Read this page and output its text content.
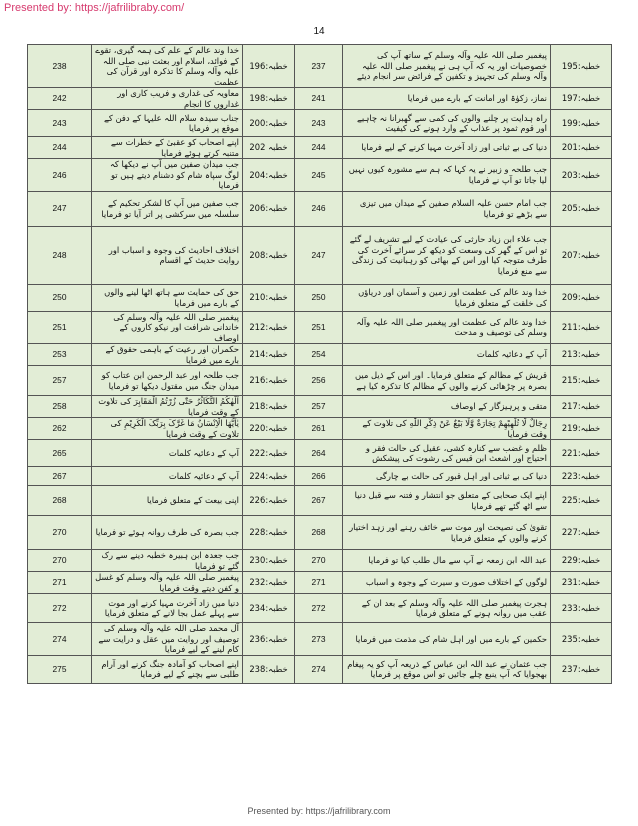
Presented by: https://jafrilibraby.com/
14
238	خدا وند عالم کے علم کی ہمہ گیری، تقوے کے فوائد، اسلام اور بعثت نبی صلی اللہ علیہ وآلہ وسلم کا تذکرہ اور قرآن کی عظمت	خطبہ:196	237	پیغمبر صلی اللہ علیہ وآلہ وسلم کے ساتھ آپ کی خصوصیات اور یہ کہ آپ ہی نے پیغمبر صلی اللہ علیہ وآلہ وسلم کی تجہیز و تکفین کے فرائض سر انجام دیئے	خطبہ:195
242	معاویہ کی غداری و فریب کاری اور غداروں کا انجام	خطبہ:198	241	نماز، زکوٰۃ اور امانت کے بارے میں فرمایا	خطبہ:197
243	جناب سیدہ سلام اللہ علیہا کے دفن کے موقع پر فرمایا	خطبہ:200	243	راہ ہدایت پر چلنے والوں کی کمی سے گھبرانا نہ چاہیے اور قوم ثمود پر عذاب کے وارد ہونے کی کیفیت	خطبہ:199
244	اپنے اصحاب کو عقبیٰ کے خطرات سے متنبہ کرتے ہوئے فرمایا	خطبہ 202	244	دنیا کی بے ثباتی اور زاد آخرت مہیا کرنے کے لیے فرمایا	خطبہ:201
246	جب میدان صفین میں آپ نے دیکھا کہ لوگ سپاہ شام کو دشنام دیتے ہیں تو فرمایا	خطبہ:204	245	جب طلحہ و زبیر نے یہ کہا کہ ہم سے مشورہ کیوں نہیں لیا جاتا تو آپ نے فرمایا	خطبہ:203
247	جب صفین میں آپ کا لشکر تحکیم کے سلسلہ میں سرکشی پر اتر آیا تو فرمایا	خطبہ:206	246	جب امام حسن علیہ السلام صفین کے میدان میں تیزی سے بڑھے تو فرمایا	خطبہ:205
248	اختلاف احادیث کی وجوہ و اسباب اور روایت حدیث کے اقسام	خطبہ:208	247	جب علاء ابن زیاد حارثی کی عیادت کے لیے تشریف لے گئے تو اس کے گھر کی وسعت کو دیکھ کر سرائے آخرت کی طرف متوجہ کیا اور اس کے بھائی کو رہبانیت کی زندگی سے منع فرمایا	خطبہ:207
250	حق کی حمایت سے ہاتھ اٹھا لینے والوں کے بارے میں فرمایا	خطبہ:210	250	خدا وند عالم کی عظمت اور زمین و آسمان اور دریاؤں کی خلقت کے متعلق فرمایا	خطبہ:209
251	پیغمبر صلی اللہ علیہ وآلہ وسلم کی خاندانی شرافت اور نیکو کاروں کے اوصاف	خطبہ:212	251	خدا وند عالم کی عظمت اور پیغمبر صلی اللہ علیہ وآلہ وسلم کی توصیف و مدحت	خطبہ:211
253	حکمران اور رعیت کے باہمی حقوق کے بارے میں فرمایا	خطبہ:214	254	آپ کے دعائیہ کلمات	خطبہ:213
257	جب طلحہ اور عبد الرحمن ابن عتاب کو میدان جنگ میں مقتول دیکھا تو فرمایا	خطبہ:216	256	قریش کے مظالم کے متعلق فرمایا۔ اور اس کے ذیل میں بصرہ پر چڑھائی کرنے والوں کے مظالم کا تذکرہ کیا ہے	خطبہ:215
258	اَلْهٰکُمُ التَّکَاثُرُ حَتّٰی زُرْتُمُ الْمَقَابِرَ کی تلاوت کے وقت فرمایا	خطبہ:218	257	متقی و پرہیزگار کے اوصاف	خطبہ:217
262	یٰاَیُّهَا الْاِنْسَانُ مَا غَرَّکَ بِرَبِّکَ الْکَرِیْمِ کی تلاوت کے وقت فرمایا	خطبہ:220	261	رِجَالٌ لَّا تُلْهِیْهِمْ تِجَارَةٌ وَّلَا بَیْعٌ عَنْ ذِکْرِ اللّٰهِ کی تلاوت کے وقت فرمایا	خطبہ:219
265	آپ کے دعائیہ کلمات	خطبہ:222	264	ظلم و غضب سے کنارہ کشی، عقیل کی حالت فقر و احتیاج اور اشعث ابن قیس کی رشوت کی پیشکش	خطبہ:221
267	آپ کے دعائیہ کلمات	خطبہ:224	266	دنیا کی بے ثباتی اور اہل قبور کی حالت بے چارگی	خطبہ:223
268	اپنی بیعت کے متعلق فرمایا	خطبہ:226	267	اپنے ایک صحابی کے متعلق جو انتشار و فتنہ سے قبل دنیا سے اٹھ گئے تھے فرمایا	خطبہ:225
270	جب بصرہ کی طرف روانہ ہوئے تو فرمایا	خطبہ:228	268	تقویٰ کی نصیحت اور موت سے خائف رہنے اور زہد اختیار کرنے والوں کے متعلق فرمایا	خطبہ:227
270	جب جعدہ ابن ہبیرہ خطبہ دینے سے رک گئے تو فرمایا	خطبہ:230	270	عبد اللہ ابن زمعہ نے آپ سے مال طلب کیا تو فرمایا	خطبہ:229
271	پیغمبر صلی اللہ علیہ وآلہ وسلم کو غسل و کفن دیتے وقت فرمایا	خطبہ:232	271	لوگوں کے اختلاف صورت و سیرت کے وجوہ و اسباب	خطبہ:231
272	دنیا میں زاد آخرت مہیا کرنے اور موت سے پہلے عمل بجا لانے کے متعلق فرمایا	خطبہ:234	272	ہجرت پیغمبر صلی اللہ علیہ وآلہ وسلم کے بعد ان کے عقب میں روانہ ہونے کے متعلق فرمایا	خطبہ:233
274	آل محمد صلی اللہ علیہ وآلہ وسلم کی توصیف اور روایت میں عقل و درایت سے کام لینے کے لیے فرمایا	خطبہ:236	273	حکمین کے بارے میں اور اہل شام کی مذمت میں فرمایا	خطبہ:235
275	اپنے اصحاب کو آمادہ جنگ کرنے اور آرام طلبی سے بچنے کے لیے فرمایا	خطبہ:238	274	جب عثمان نے عبد اللہ ابن عباس کے ذریعہ آپ کو یہ پیغام بھجوایا کہ آپ ینبع چلے جائیں تو اس موقع پر فرمایا	خطبہ:237
Presented by: https://jafrilibrary.com
